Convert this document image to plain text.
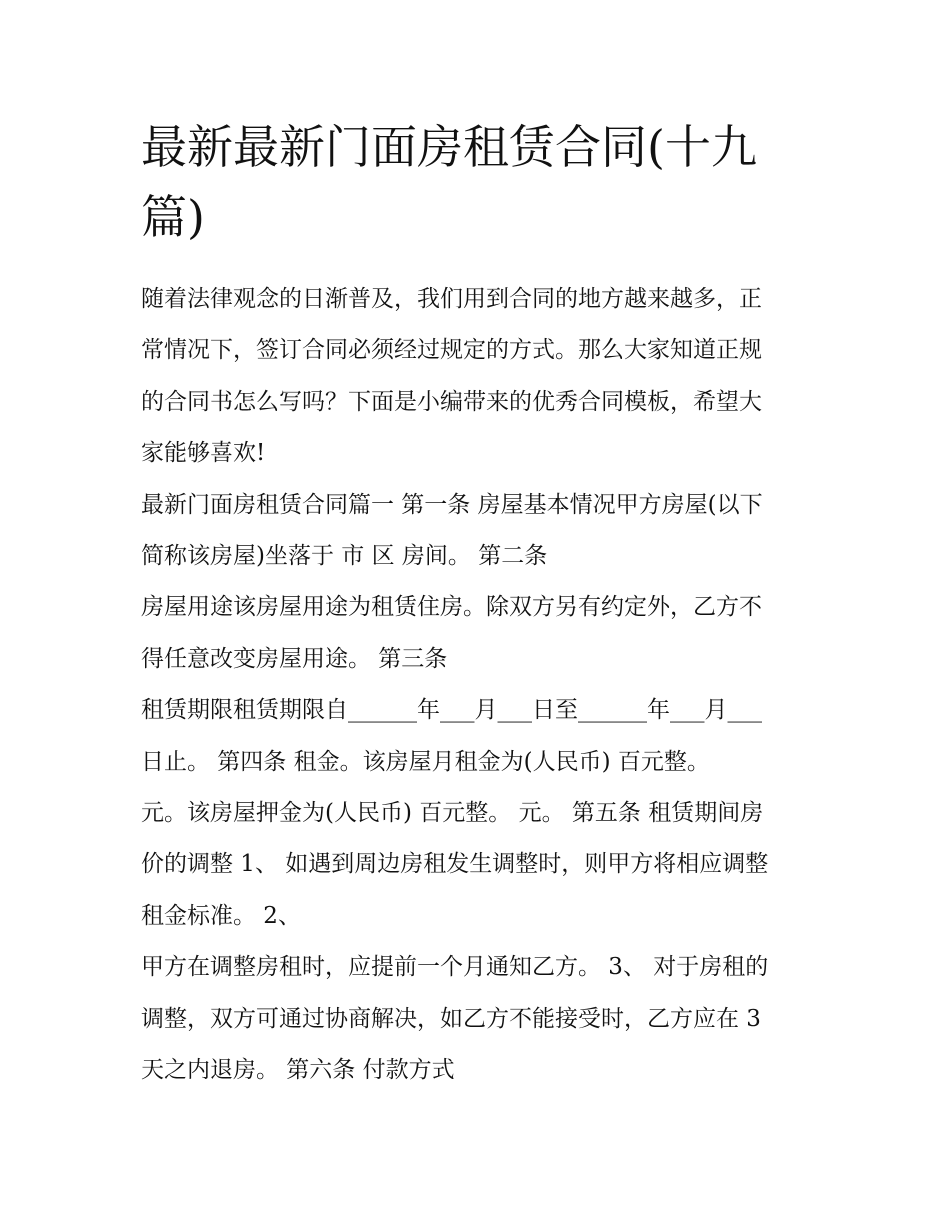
最新最新门面房租赁合同(十九
篇)

随着法律观念的日渐普及，我们用到合同的地方越来越多，正
常情况下，签订合同必须经过规定的方式。那么大家知道正规
的合同书怎么写吗？下面是小编带来的优秀合同模板，希望大
家能够喜欢!

最新门面房租赁合同篇一 第一条 房屋基本情况甲方房屋(以下
简称该房屋)坐落于 市 区 房间。 第二条

房屋用途该房屋用途为租赁住房。除双方另有约定外，乙方不
得任意改变房屋用途。 第三条

租赁期限租赁期限自______年___月___日至______年___月___
日止。 第四条 租金。该房屋月租金为(人民币) 百元整。

元。该房屋押金为(人民币) 百元整。 元。 第五条 租赁期间房
价的调整 1、 如遇到周边房租发生调整时，则甲方将相应调整
租金标准。 2、

甲方在调整房租时，应提前一个月通知乙方。 3、 对于房租的
调整，双方可通过协商解决，如乙方不能接受时，乙方应在 3
天之内退房。 第六条 付款方式
